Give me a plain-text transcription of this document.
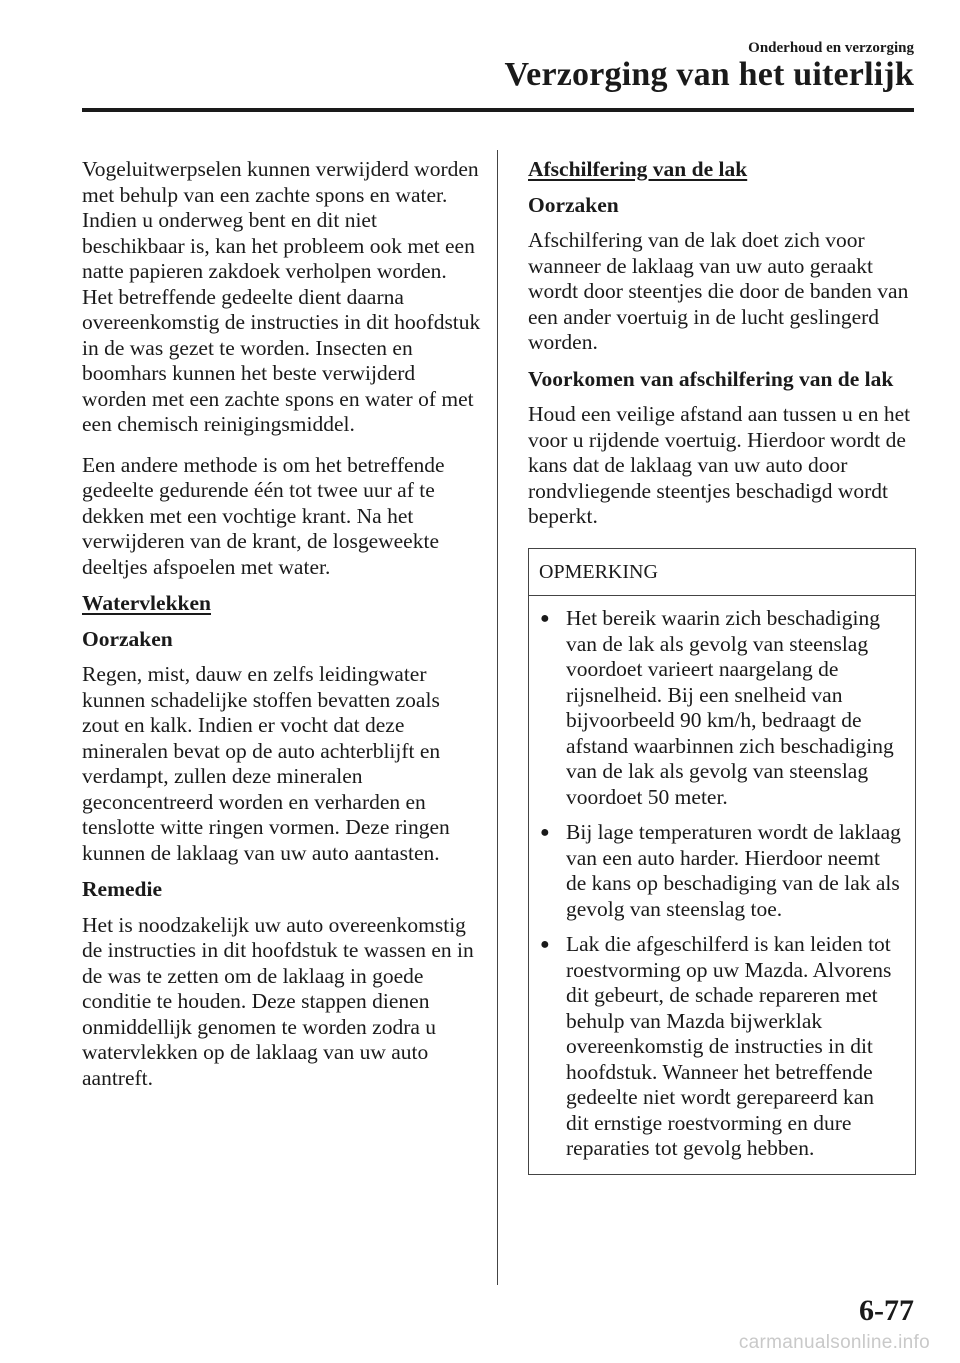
Onderhoud en verzorging
Verzorging van het uiterlijk

Vogeluitwerpselen kunnen verwijderd worden met behulp van een zachte spons en water. Indien u onderweg bent en dit niet beschikbaar is, kan het probleem ook met een natte papieren zakdoek verholpen worden. Het betreffende gedeelte dient daarna overeenkomstig de instructies in dit hoofdstuk in de was gezet te worden. Insecten en boomhars kunnen het beste verwijderd worden met een zachte spons en water of met een chemisch reinigingsmiddel.

Een andere methode is om het betreffende gedeelte gedurende één tot twee uur af te dekken met een vochtige krant. Na het verwijderen van de krant, de losgeweekte deeltjes afspoelen met water.

Watervlekken
Oorzaken

Regen, mist, dauw en zelfs leidingwater kunnen schadelijke stoffen bevatten zoals zout en kalk. Indien er vocht dat deze mineralen bevat op de auto achterblijft en verdampt, zullen deze mineralen geconcentreerd worden en verharden en tenslotte witte ringen vormen. Deze ringen kunnen de laklaag van uw auto aantasten.

Remedie

Het is noodzakelijk uw auto overeenkomstig de instructies in dit hoofdstuk te wassen en in de was te zetten om de laklaag in goede conditie te houden. Deze stappen dienen onmiddellijk genomen te worden zodra u watervlekken op de laklaag van uw auto aantreft.

Afschilfering van de lak
Oorzaken

Afschilfering van de lak doet zich voor wanneer de laklaag van uw auto geraakt wordt door steentjes die door de banden van een ander voertuig in de lucht geslingerd worden.

Voorkomen van afschilfering van de lak

Houd een veilige afstand aan tussen u en het voor u rijdende voertuig. Hierdoor wordt de kans dat de laklaag van uw auto door rondvliegende steentjes beschadigd wordt beperkt.

OPMERKING
● Het bereik waarin zich beschadiging van de lak als gevolg van steenslag voordoet varieert naargelang de rijsnelheid. Bij een snelheid van bijvoorbeeld 90 km/h, bedraagt de afstand waarbinnen zich beschadiging van de lak als gevolg van steenslag voordoet 50 meter.
● Bij lage temperaturen wordt de laklaag van een auto harder. Hierdoor neemt de kans op beschadiging van de lak als gevolg van steenslag toe.
● Lak die afgeschilferd is kan leiden tot roestvorming op uw Mazda. Alvorens dit gebeurt, de schade repareren met behulp van Mazda bijwerklak overeenkomstig de instructies in dit hoofdstuk. Wanneer het betreffende gedeelte niet wordt gerepareerd kan dit ernstige roestvorming en dure reparaties tot gevolg hebben.
6-77
carmanualsonline.info
